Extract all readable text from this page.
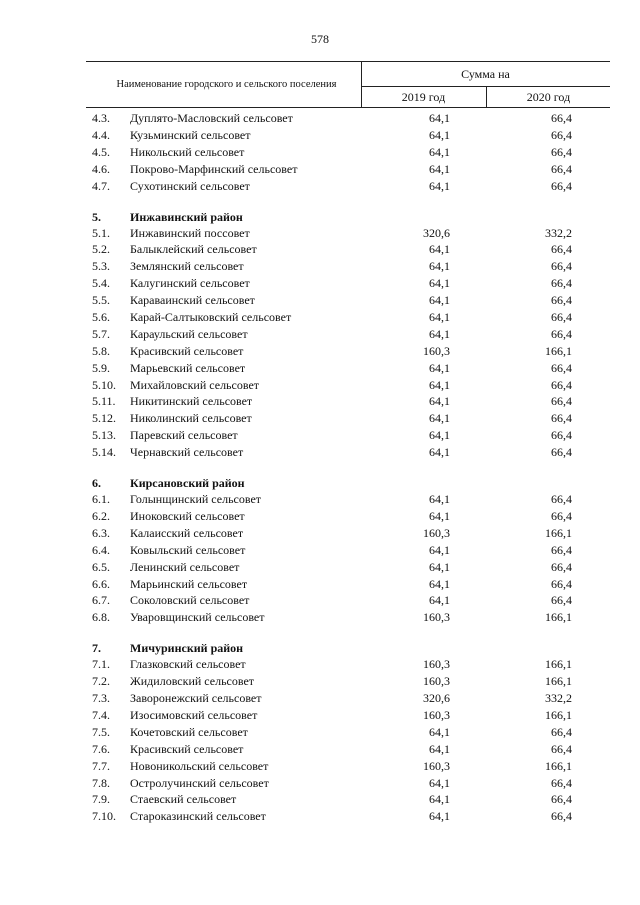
578
Наименование городского и сельского поселения
Сумма на
2019 год	2020 год
4.3.	Дуплято-Масловский сельсовет	64,1	66,4
4.4.	Кузьминский сельсовет	64,1	66,4
4.5.	Никольский сельсовет	64,1	66,4
4.6.	Покрово-Марфинский сельсовет	64,1	66,4
4.7.	Сухотинский сельсовет	64,1	66,4
5.	Инжавинский район
5.1.	Инжавинский поссовет	320,6	332,2
5.2.	Балыклейский сельсовет	64,1	66,4
5.3.	Землянский сельсовет	64,1	66,4
5.4.	Калугинский сельсовет	64,1	66,4
5.5.	Караваинский сельсовет	64,1	66,4
5.6.	Карай-Салтыковский сельсовет	64,1	66,4
5.7.	Караульский сельсовет	64,1	66,4
5.8.	Красивский сельсовет	160,3	166,1
5.9.	Марьевский сельсовет	64,1	66,4
5.10.	Михайловский сельсовет	64,1	66,4
5.11.	Никитинский сельсовет	64,1	66,4
5.12.	Николинский сельсовет	64,1	66,4
5.13.	Паревский сельсовет	64,1	66,4
5.14.	Чернавский сельсовет	64,1	66,4
6.	Кирсановский район
6.1.	Голынщинский сельсовет	64,1	66,4
6.2.	Иноковский сельсовет	64,1	66,4
6.3.	Калаисский сельсовет	160,3	166,1
6.4.	Ковыльский сельсовет	64,1	66,4
6.5.	Ленинский сельсовет	64,1	66,4
6.6.	Марьинский сельсовет	64,1	66,4
6.7.	Соколовский сельсовет	64,1	66,4
6.8.	Уваровщинский сельсовет	160,3	166,1
7.	Мичуринский район
7.1.	Глазковский сельсовет	160,3	166,1
7.2.	Жидиловский сельсовет	160,3	166,1
7.3.	Заворонежский сельсовет	320,6	332,2
7.4.	Изосимовский сельсовет	160,3	166,1
7.5.	Кочетовский сельсовет	64,1	66,4
7.6.	Красивский сельсовет	64,1	66,4
7.7.	Новоникольский сельсовет	160,3	166,1
7.8.	Остролучинский сельсовет	64,1	66,4
7.9.	Стаевский сельсовет	64,1	66,4
7.10.	Староказинский сельсовет	64,1	66,4
